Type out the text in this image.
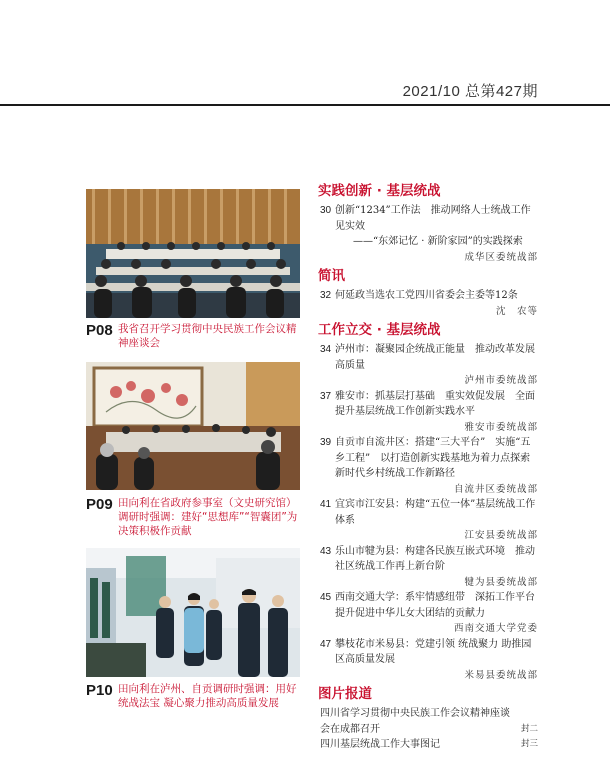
2021/10 总第427期
P08 我省召开学习贯彻中央民族工作会议精神座谈会
P09 田向利在省政府参事室（文史研究馆）调研时强调：建好“思想库”“智囊团”为决策积极作贡献
P10 田向利在泸州、自贡调研时强调：用好统战法宝 凝心聚力推动高质量发展
实践创新 · 基层统战
30 创新“1234”工作法　推动网络人士统战工作见实效
——“东郊记忆 · 新阶家园”的实践探索
成华区委统战部
简讯
32 何延政当选农工党四川省委会主委等12条
沈　农等
工作立交 · 基层统战
34 泸州市：凝聚园企统战正能量　推动改革发展高质量
泸州市委统战部
37 雅安市：抓基层打基础　重实效促发展　全面提升基层统战工作创新实践水平
雅安市委统战部
39 自贡市自流井区：搭建“三大平台”　实施“五乡工程”　以打造创新实践基地为着力点探索新时代乡村统战工作新路径
自流井区委统战部
41 宜宾市江安县：构建“五位一体”基层统战工作体系
江安县委统战部
43 乐山市犍为县：构建各民族互嵌式环境　推动社区统战工作再上新台阶
犍为县委统战部
45 西南交通大学：系牢情感纽带　深拓工作平台　提升促进中华儿女大团结的贡献力
西南交通大学党委
47 攀枝花市米易县：党建引领 统战聚力 助推园区高质量发展
米易县委统战部
图片报道
四川省学习贯彻中央民族工作会议精神座谈会在成都召开	封二
四川基层统战工作大事图记	封三
